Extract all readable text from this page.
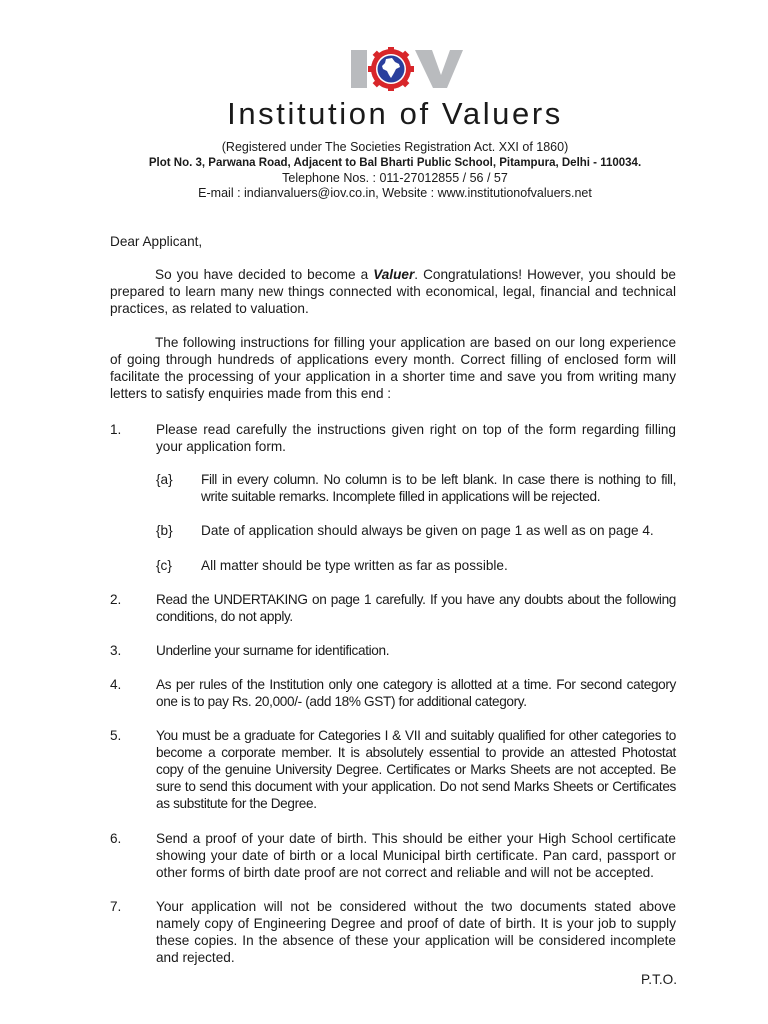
Institution of Valuers
(Registered under The Societies Registration Act. XXI of 1860)
Plot No. 3, Parwana Road, Adjacent to Bal Bharti Public School, Pitampura, Delhi - 110034.
Telephone Nos. : 011-27012855 / 56 / 57
E-mail : indianvaluers@iov.co.in, Website : www.institutionofvaluers.net
Dear Applicant,
So you have decided to become a Valuer. Congratulations! However, you should be prepared to learn many new things connected with economical, legal, financial and technical practices, as related to valuation.
The following instructions for filling your application are based on our long experience of going through hundreds of applications every month. Correct filling of enclosed form will facilitate the processing of your application in a shorter time and save you from writing many letters to satisfy enquiries made from this end :
1.	Please read carefully the instructions given right on top of the form regarding filling your application form.
{a} Fill in every column. No column is to be left blank. In case there is nothing to fill, write suitable remarks. Incomplete filled in applications will be rejected.
{b} Date of application should always be given on page 1 as well as on page 4.
{c} All matter should be type written as far as possible.
2.	Read the UNDERTAKING on page 1 carefully. If you have any doubts about the following conditions, do not apply.
3.	Underline your surname for identification.
4.	As per rules of the Institution only one category is allotted at a time. For second category one is to pay Rs. 20,000/- (add 18% GST) for additional category.
5.	You must be a graduate for Categories I & VII and suitably qualified for other categories to become a corporate member. It is absolutely essential to provide an attested Photostat copy of the genuine University Degree. Certificates or Marks Sheets are not accepted. Be sure to send this document with your application. Do not send Marks Sheets or Certificates as substitute for the Degree.
6.	Send a proof of your date of birth. This should be either your High School certificate showing your date of birth or a local Municipal birth certificate. Pan card, passport or other forms of birth date proof are not correct and reliable and will not be accepted.
7.	Your application will not be considered without the two documents stated above namely copy of Engineering Degree and proof of date of birth. It is your job to supply these copies. In the absence of these your application will be considered incomplete and rejected.
P.T.O.
